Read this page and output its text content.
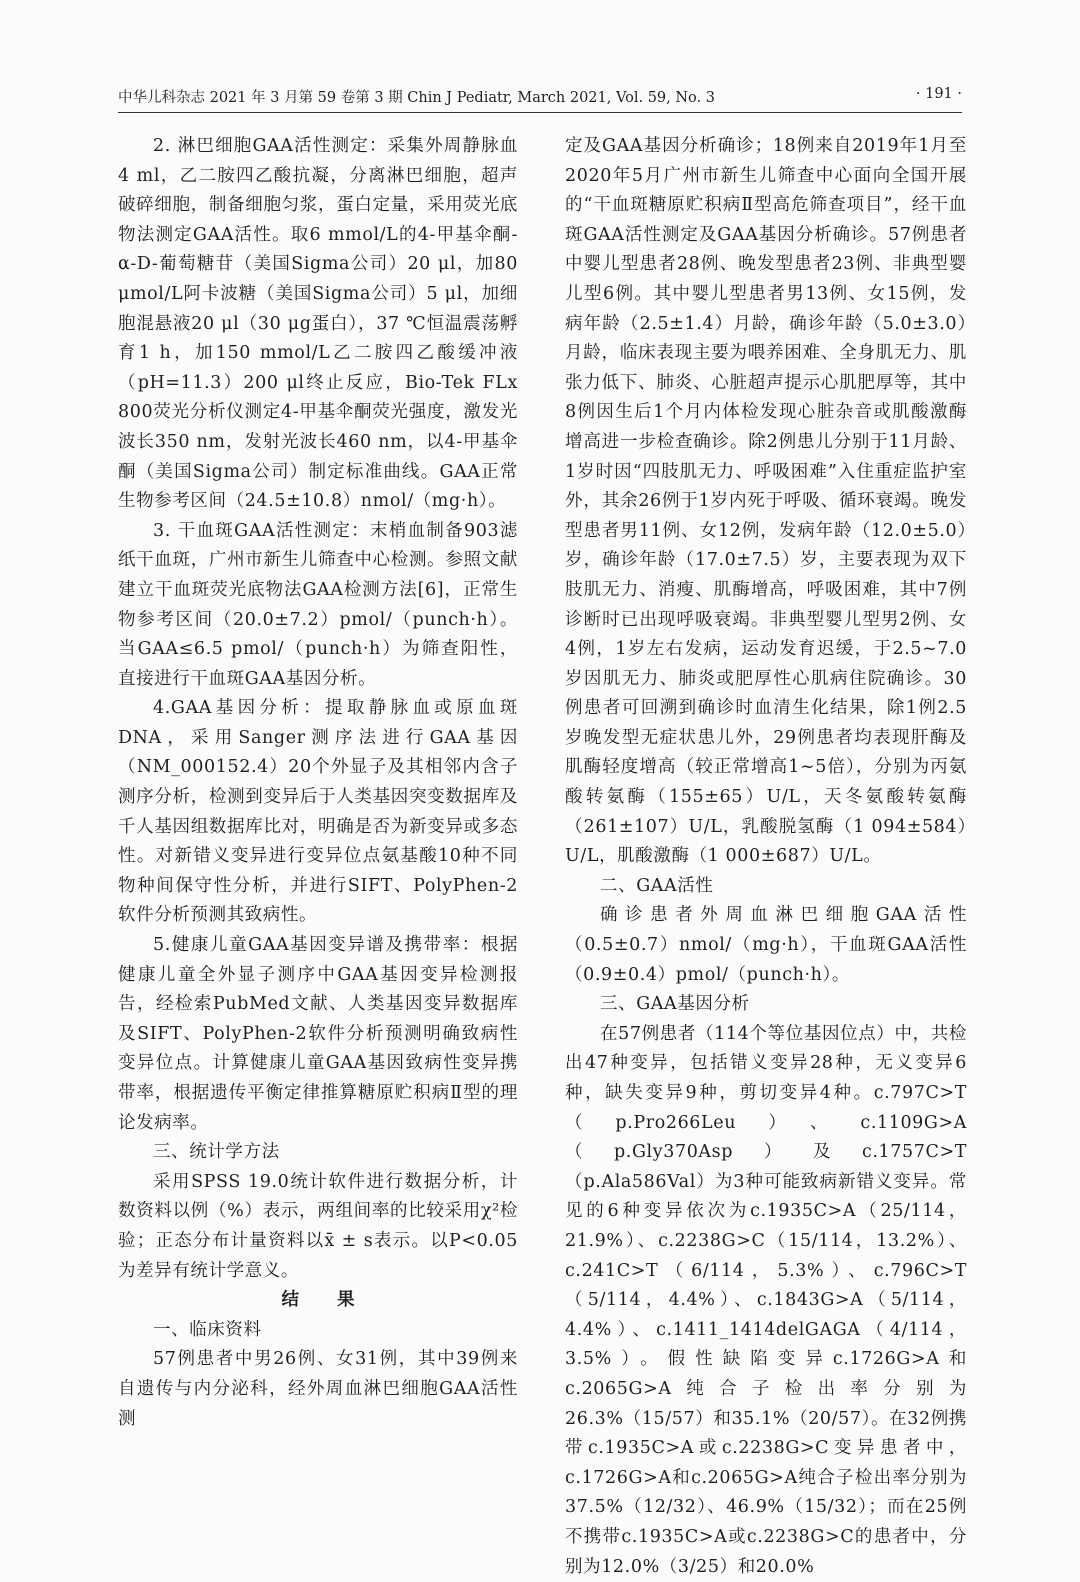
中华儿科杂志 2021 年 3 月第 59 卷第 3 期 Chin J Pediatr, March 2021, Vol. 59, No. 3	· 191 ·

2. 淋巴细胞GAA活性测定：采集外周静脉血4 ml，乙二胺四乙酸抗凝，分离淋巴细胞，超声破碎细胞，制备细胞匀浆，蛋白定量，采用荧光底物法测定GAA活性。取6 mmol/L的4-甲基伞酮-α-D-葡萄糖苷（美国Sigma公司）20 μl，加80 μmol/L阿卡波糖（美国Sigma公司）5 μl，加细胞混悬液20 μl（30 μg蛋白），37 ℃恒温震荡孵育1 h，加150 mmol/L乙二胺四乙酸缓冲液（pH=11.3）200 μl终止反应，Bio-Tek FLx 800荧光分析仪测定4-甲基伞酮荧光强度，激发光波长350 nm，发射光波长460 nm，以4-甲基伞酮（美国Sigma公司）制定标准曲线。GAA正常生物参考区间（24.5±10.8）nmol/（mg·h）。

3. 干血斑GAA活性测定：末梢血制备903滤纸干血斑，广州市新生儿筛查中心检测。参照文献建立干血斑荧光底物法GAA检测方法[6]，正常生物参考区间（20.0±7.2）pmol/（punch·h）。当GAA≤6.5 pmol/（punch·h）为筛查阳性，直接进行干血斑GAA基因分析。

4.GAA基因分析：提取静脉血或原血斑DNA，采用Sanger测序法进行GAA基因（NM_000152.4）20个外显子及其相邻内含子测序分析，检测到变异后于人类基因突变数据库及千人基因组数据库比对，明确是否为新变异或多态性。对新错义变异进行变异位点氨基酸10种不同物种间保守性分析，并进行SIFT、PolyPhen-2软件分析预测其致病性。

5.健康儿童GAA基因变异谱及携带率：根据健康儿童全外显子测序中GAA基因变异检测报告，经检索PubMed文献、人类基因变异数据库及SIFT、PolyPhen-2软件分析预测明确致病性变异位点。计算健康儿童GAA基因致病性变异携带率，根据遗传平衡定律推算糖原贮积病Ⅱ型的理论发病率。

三、统计学方法

采用SPSS 19.0统计软件进行数据分析，计数资料以例（%）表示，两组间率的比较采用χ²检验；正态分布计量资料以x̄ ± s表示。以P<0.05为差异有统计学意义。

结果

一、临床资料

57例患者中男26例、女31例，其中39例来自遗传与内分泌科，经外周血淋巴细胞GAA活性测

定及GAA基因分析确诊；18例来自2019年1月至2020年5月广州市新生儿筛查中心面向全国开展的“干血斑糖原贮积病Ⅱ型高危筛查项目”，经干血斑GAA活性测定及GAA基因分析确诊。57例患者中婴儿型患者28例、晚发型患者23例、非典型婴儿型6例。其中婴儿型患者男13例、女15例，发病年龄（2.5±1.4）月龄，确诊年龄（5.0±3.0）月龄，临床表现主要为喂养困难、全身肌无力、肌张力低下、肺炎、心脏超声提示心肌肥厚等，其中8例因生后1个月内体检发现心脏杂音或肌酸激酶增高进一步检查确诊。除2例患儿分别于11月龄、1岁时因“四肢肌无力、呼吸困难”入住重症监护室外，其余26例于1岁内死于呼吸、循环衰竭。晚发型患者男11例、女12例，发病年龄（12.0±5.0）岁，确诊年龄（17.0±7.5）岁，主要表现为双下肢肌无力、消瘦、肌酶增高，呼吸困难，其中7例诊断时已出现呼吸衰竭。非典型婴儿型男2例、女4例，1岁左右发病，运动发育迟缓，于2.5~7.0岁因肌无力、肺炎或肥厚性心肌病住院确诊。30例患者可回溯到确诊时血清生化结果，除1例2.5岁晚发型无症状患儿外，29例患者均表现肝酶及肌酶轻度增高（较正常增高1~5倍），分别为丙氨酸转氨酶（155±65）U/L，天冬氨酸转氨酶（261±107）U/L，乳酸脱氢酶（1 094±584）U/L，肌酸激酶（1 000±687）U/L。

二、GAA活性

确诊患者外周血淋巴细胞GAA活性（0.5±0.7）nmol/（mg·h），干血斑GAA活性（0.9±0.4）pmol/（punch·h）。

三、GAA基因分析

在57例患者（114个等位基因位点）中，共检出47种变异，包括错义变异28种，无义变异6种，缺失变异9种，剪切变异4种。c.797C>T（p.Pro266Leu）、c.1109G>A（p.Gly370Asp）及c.1757C>T（p.Ala586Val）为3种可能致病新错义变异。常见的6种变异依次为c.1935C>A（25/114，21.9%）、c.2238G>C（15/114，13.2%）、c.241C>T（6/114，5.3%）、c.796C>T（5/114，4.4%）、c.1843G>A（5/114，4.4%）、c.1411_1414delGAGA（4/114，3.5%）。假性缺陷变异c.1726G>A和c.2065G>A纯合子检出率分别为26.3%（15/57）和35.1%（20/57）。在32例携带c.1935C>A或c.2238G>C变异患者中，c.1726G>A和c.2065G>A纯合子检出率分别为37.5%（12/32）、46.9%（15/32）；而在25例不携带c.1935C>A或c.2238G>C的患者中，分别为12.0%（3/25）和20.0%
